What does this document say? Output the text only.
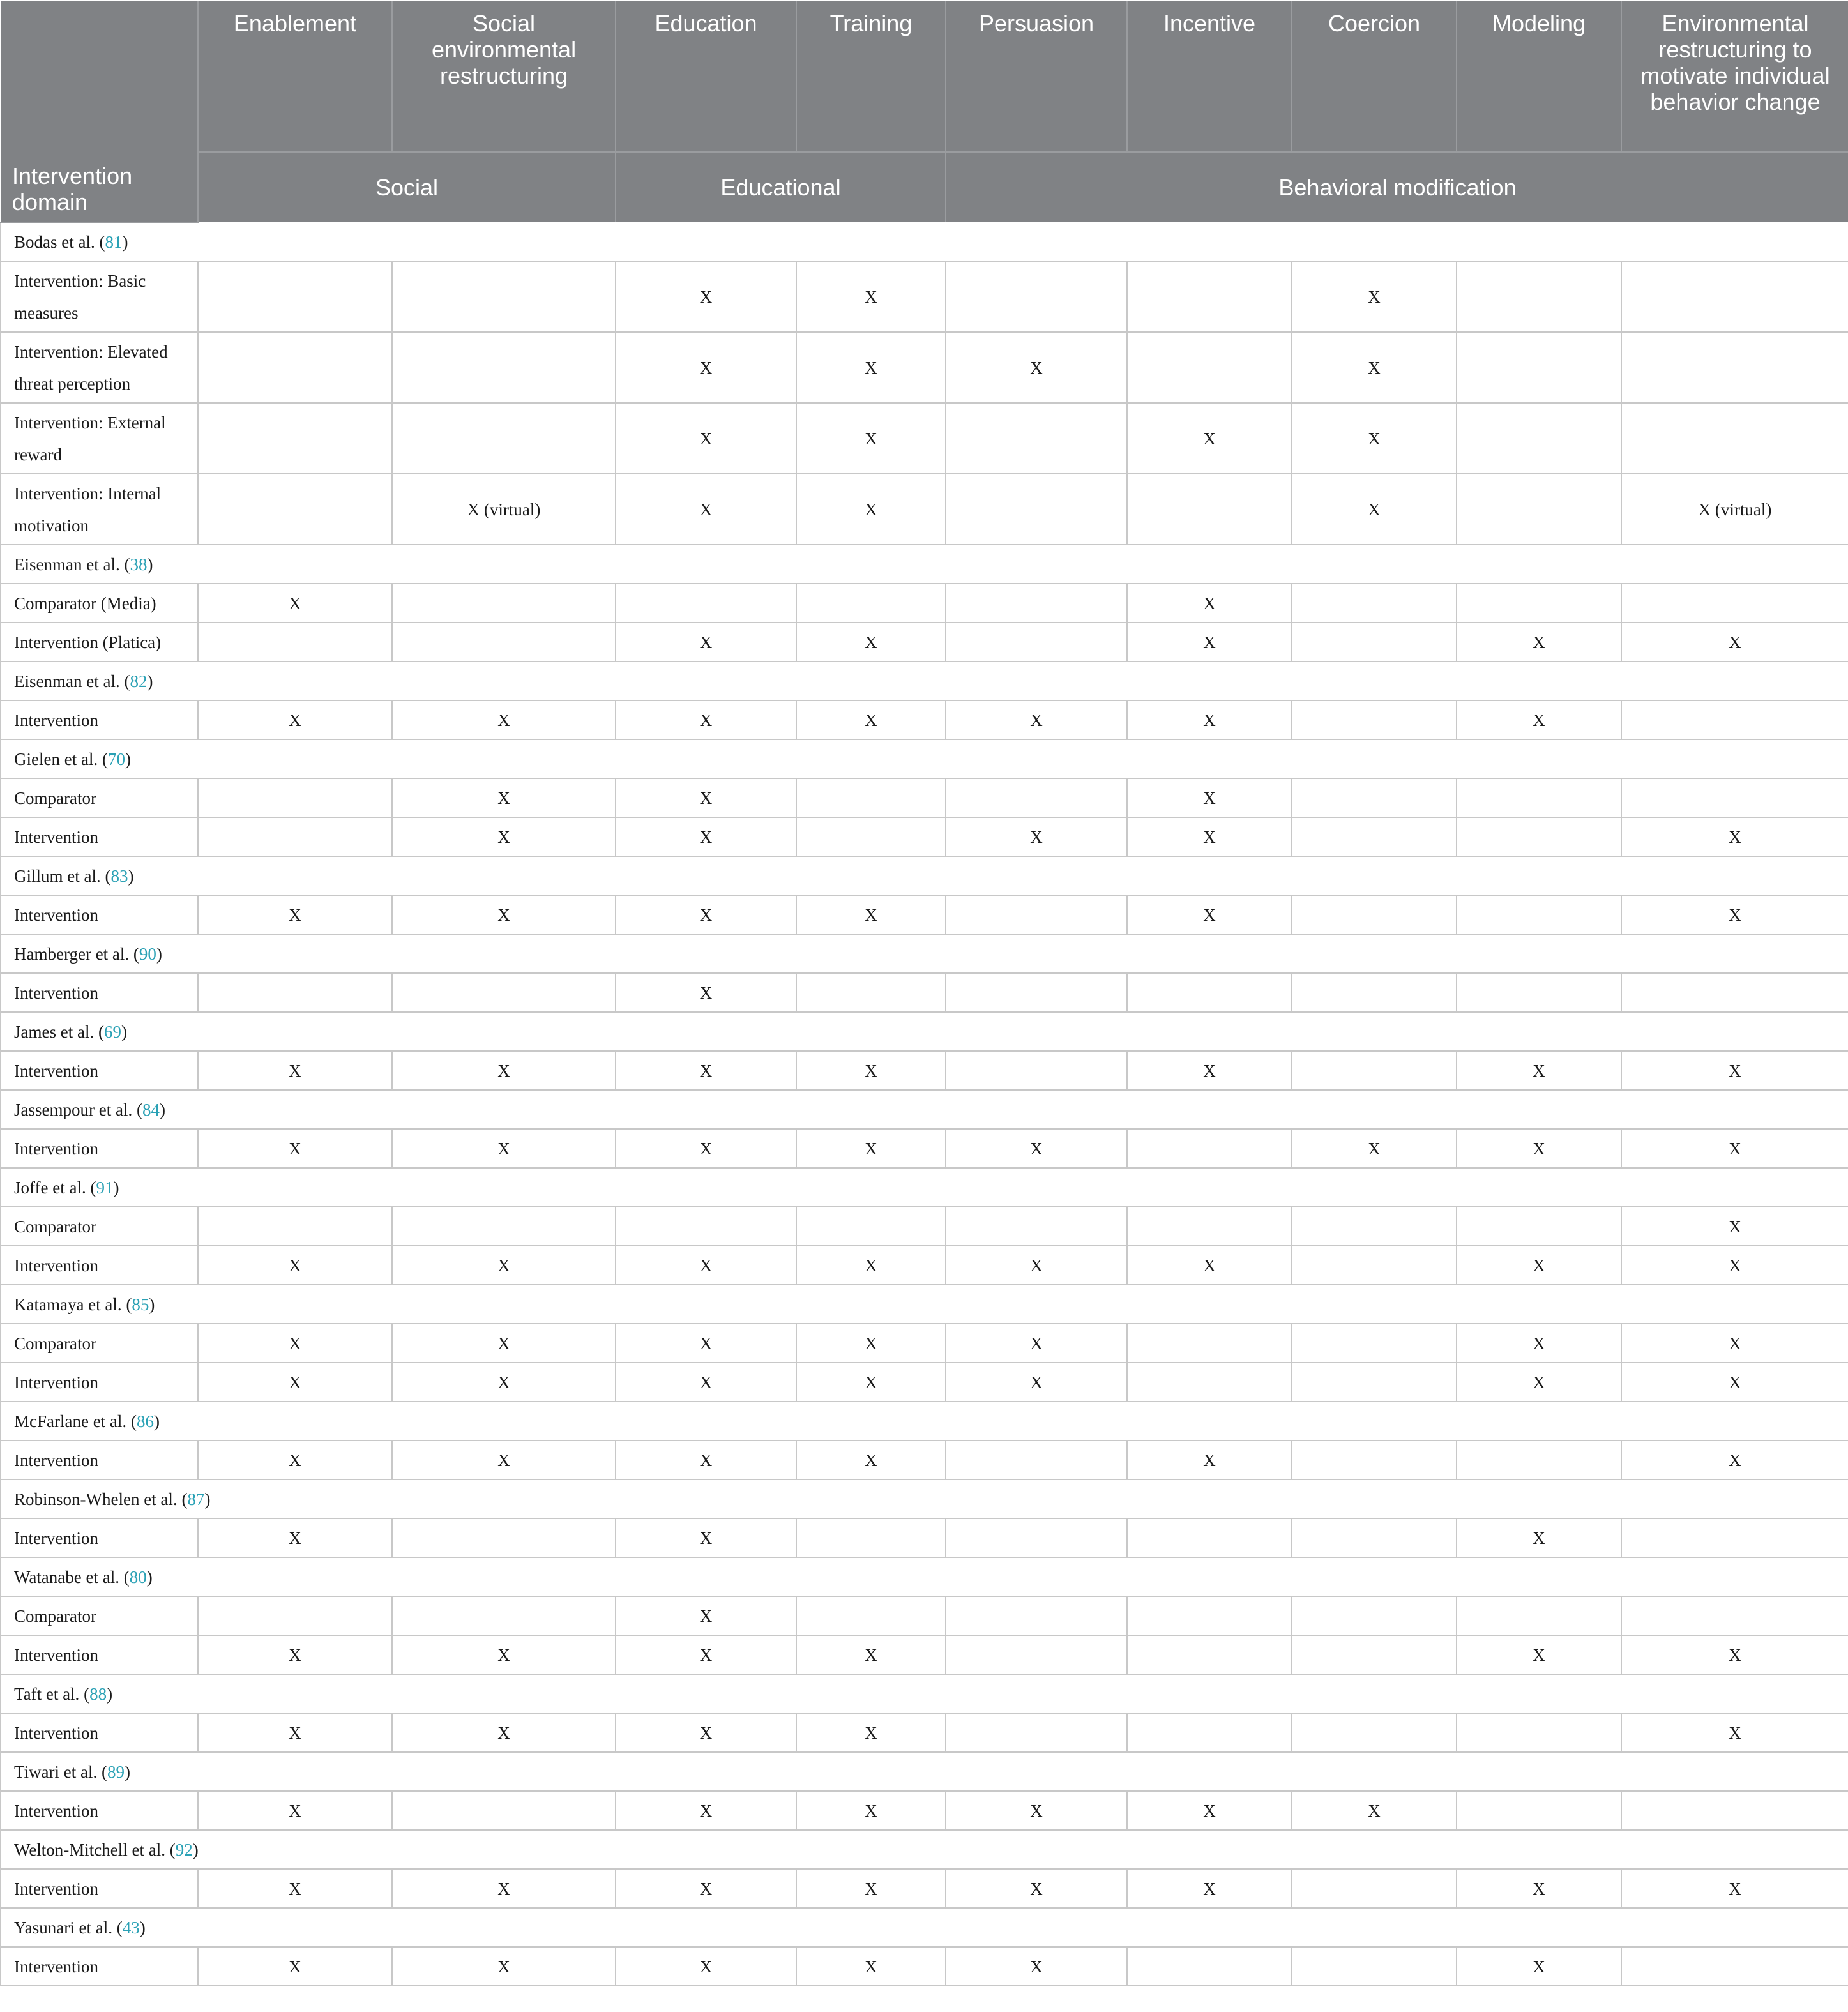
Intervention domain	Enablement	Social environmental restructuring	Education	Training	Persuasion	Incentive	Coercion	Modeling	Environmental restructuring to motivate individual behavior change
	Social		Educational		Behavioral modification				
Bodas et al. (81)									
Intervention: Basic measures			X	X			X		
Intervention: Elevated threat perception			X	X	X		X		
Intervention: External reward			X	X		X	X		
Intervention: Internal motivation		X (virtual)	X	X			X		X (virtual)
Eisenman et al. (38)									
Comparator (Media)	X					X			
Intervention (Platica)			X	X		X		X	X
Eisenman et al. (82)									
Intervention	X	X	X	X	X	X		X	
Gielen et al. (70)									
Comparator		X	X			X			
Intervention		X	X		X	X			X
Gillum et al. (83)									
Intervention	X	X	X	X		X			X
Hamberger et al. (90)									
Intervention			X						
James et al. (69)									
Intervention	X	X	X	X		X		X	X
Jassempour et al. (84)									
Intervention	X	X	X	X	X		X	X	X
Joffe et al. (91)									
Comparator									X
Intervention	X	X	X	X	X	X		X	X
Katamaya et al. (85)									
Comparator	X	X	X	X	X			X	X
Intervention	X	X	X	X	X			X	X
McFarlane et al. (86)									
Intervention	X	X	X	X		X			X
Robinson-Whelen et al. (87)									
Intervention	X		X					X	
Watanabe et al. (80)									
Comparator			X						
Intervention	X	X	X	X				X	X
Taft et al. (88)									
Intervention	X	X	X	X					X
Tiwari et al. (89)									
Intervention	X		X	X	X	X	X		
Welton-Mitchell et al. (92)									
Intervention	X	X	X	X	X	X		X	X
Yasunari et al. (43)									
Intervention	X	X	X	X	X			X	
